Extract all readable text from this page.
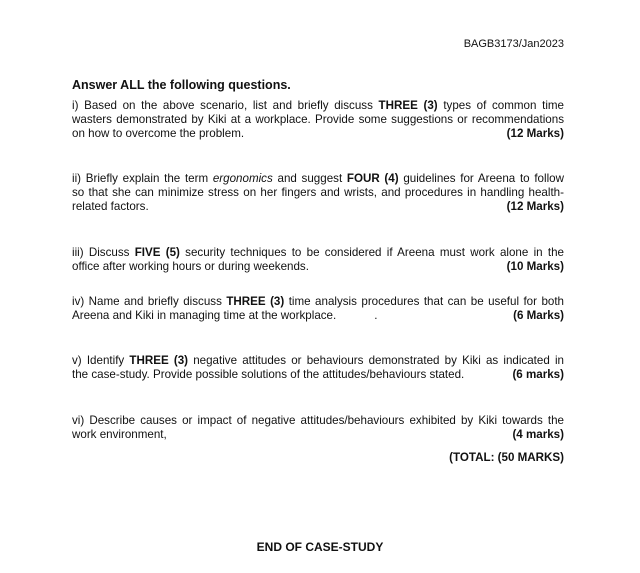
BAGB3173/Jan2023
Answer ALL the following questions.
i) Based on the above scenario, list and briefly discuss THREE (3) types of common time
wasters demonstrated by Kiki at a workplace. Provide some suggestions or recommendations
on how to overcome the problem.	(12 Marks)
ii) Briefly explain the term ergonomics and suggest FOUR (4) guidelines for Areena to follow
so that she can minimize stress on her fingers and wrists, and procedures in handling health-
related factors.	(12 Marks)
iii) Discuss FIVE (5) security techniques to be considered if Areena must work alone in the
office after working hours or during weekends.	(10 Marks)
iv) Name and briefly discuss THREE (3) time analysis procedures that can be useful for both
Areena and Kiki in managing time at the workplace.	.	(6 Marks)
v) Identify THREE (3) negative attitudes or behaviours demonstrated by Kiki as indicated in
the case-study. Provide possible solutions of the attitudes/behaviours stated.	(6 marks)
vi) Describe causes or impact of negative attitudes/behaviours exhibited by Kiki towards the
work environment,	(4 marks)
(TOTAL: (50 MARKS)
END OF CASE-STUDY
